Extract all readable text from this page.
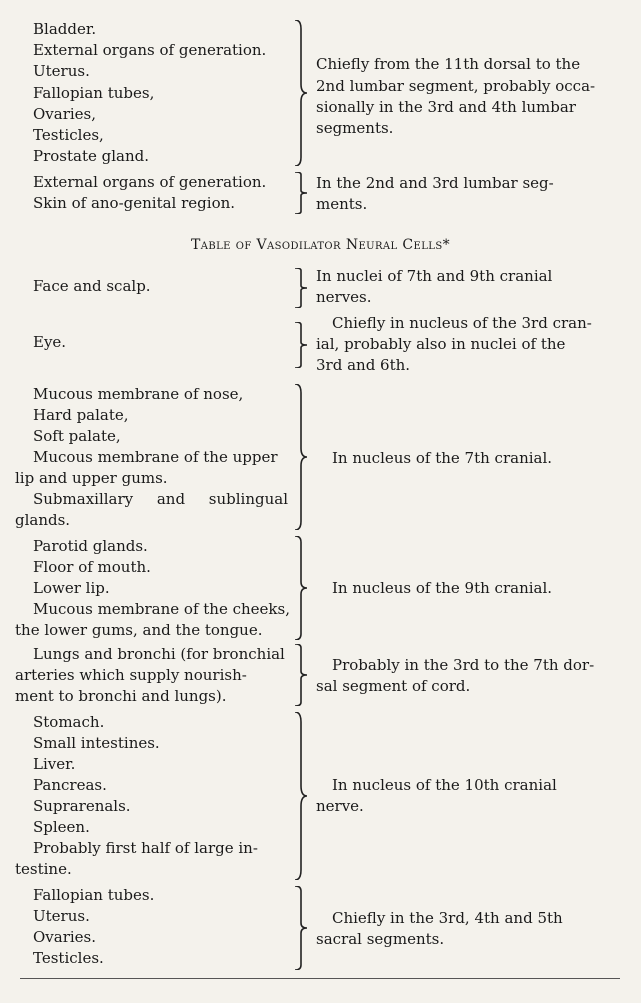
Bladder.
External organs of generation.
Uterus.
Fallopian tubes,
Ovaries,
Testicles,
Prostate gland.
Chiefly from the 11th dorsal to the
2nd lumbar segment, probably occa-
sionally in the 3rd and 4th lumbar
segments.
External organs of generation.
Skin of ano-genital region.
In the 2nd and 3rd lumbar seg-
ments.
Table of Vasodilator Neural Cells*
Face and scalp.
In nuclei of 7th and 9th cranial
nerves.
Eye.
Chiefly in nucleus of the 3rd cran-
ial, probably also in nuclei of the
3rd and 6th.
Mucous membrane of nose,
Hard palate,
Soft palate,
Mucous membrane of the upper
lip and upper gums.
Submaxillary and sublingual
glands.
In nucleus of the 7th cranial.
Parotid glands.
Floor of mouth.
Lower lip.
Mucous membrane of the cheeks,
the lower gums, and the tongue.
In nucleus of the 9th cranial.
Lungs and bronchi (for bronchial
arteries which supply nourish-
ment to bronchi and lungs).
Probably in the 3rd to the 7th dor-
sal segment of cord.
Stomach.
Small intestines.
Liver.
Pancreas.
Suprarenals.
Spleen.
Probably first half of large in-
testine.
In nucleus of the 10th cranial
nerve.
Fallopian tubes.
Uterus.
Ovaries.
Testicles.
Chiefly in the 3rd, 4th and 5th
sacral segments.
